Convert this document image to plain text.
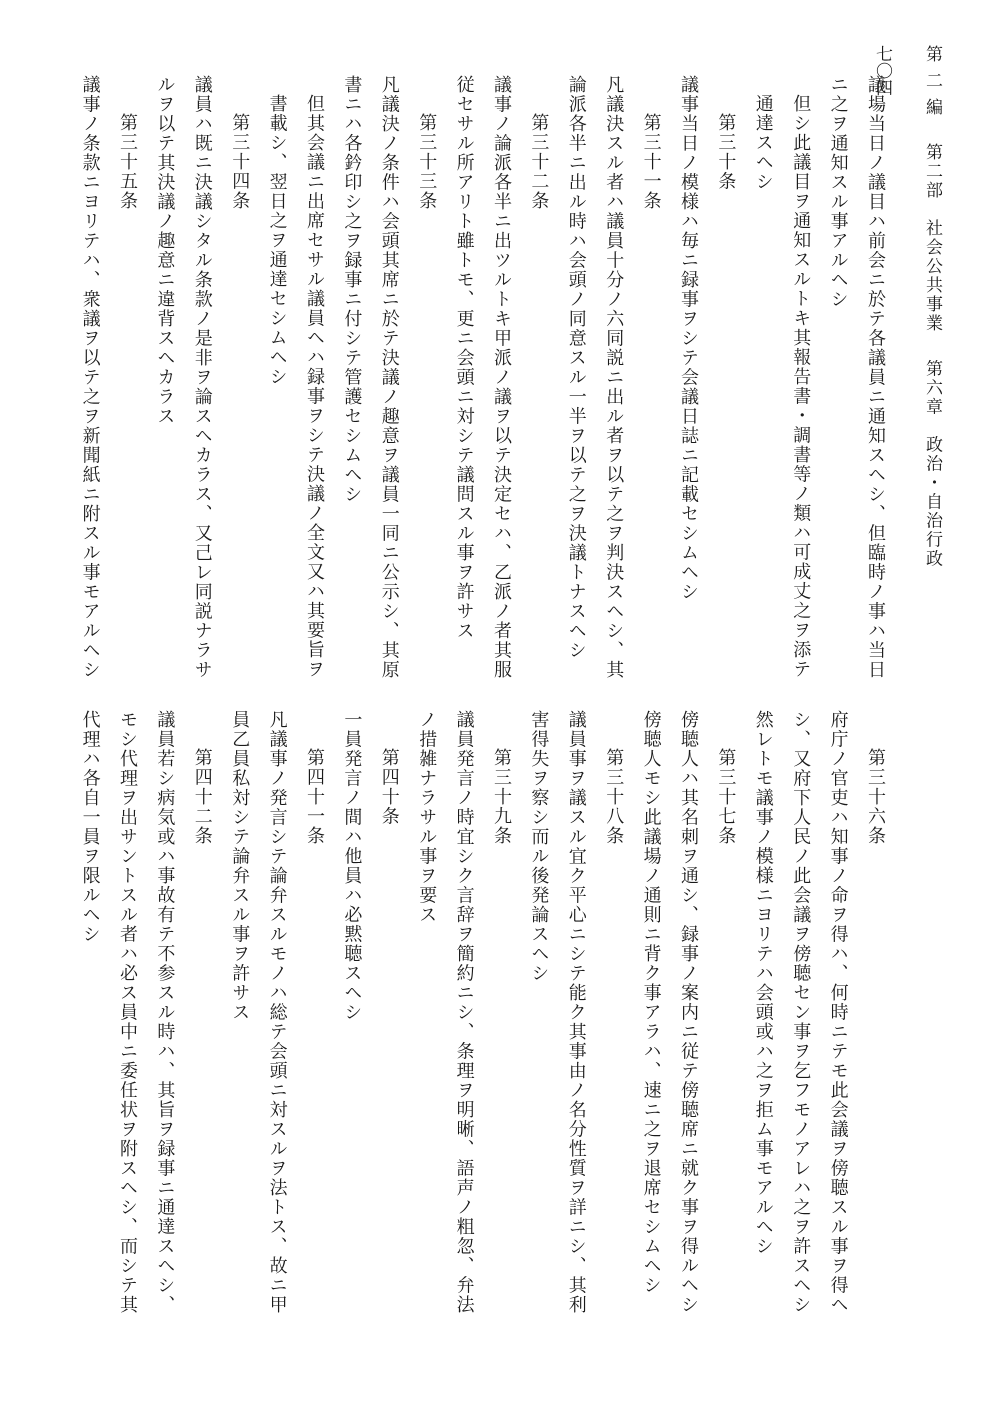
第 二 編　 第二部　社会公共事業　 第六章　政治・自治行政
七〇四
議場当日ノ議目ハ前会ニ於テ各議員ニ通知スヘシ、但臨時ノ事ハ当日
ニ之ヲ通知スル事アルヘシ
但シ此議目ヲ通知スルトキ其報告書・調書等ノ類ハ可成丈之ヲ添テ
通達スヘシ
第三十条
議事当日ノ模様ハ毎ニ録事ヲシテ会議日誌ニ記載セシムヘシ
第三十一条
凡議決スル者ハ議員十分ノ六同説ニ出ル者ヲ以テ之ヲ判決スヘシ、其
論派各半ニ出ル時ハ会頭ノ同意スル一半ヲ以テ之ヲ決議トナスヘシ
第三十二条
議事ノ論派各半ニ出ツルトキ甲派ノ議ヲ以テ決定セハ、乙派ノ者其服
従セサル所アリト雖トモ、更ニ会頭ニ対シテ議問スル事ヲ許サス
第三十三条
凡議決ノ条件ハ会頭其席ニ於テ決議ノ趣意ヲ議員一同ニ公示シ、其原
書ニハ各鈐印シ之ヲ録事ニ付シテ管護セシムヘシ
但其会議ニ出席セサル議員ヘハ録事ヲシテ決議ノ全文又ハ其要旨ヲ
書載シ、翌日之ヲ通達セシムヘシ
第三十四条
議員ハ既ニ決議シタル条款ノ是非ヲ論スヘカラス、又己レ同説ナラサ
ルヲ以テ其決議ノ趣意ニ違背スヘカラス
第三十五条
議事ノ条款ニヨリテハ、衆議ヲ以テ之ヲ新聞紙ニ附スル事モアルヘシ
第三十六条
府庁ノ官吏ハ知事ノ命ヲ得ハ、何時ニテモ此会議ヲ傍聴スル事ヲ得ヘ
シ、又府下人民ノ此会議ヲ傍聴セン事ヲ乞フモノアレハ之ヲ許スヘシ
然レトモ議事ノ模様ニヨリテハ会頭或ハ之ヲ拒ム事モアルヘシ
第三十七条
傍聴人ハ其名刺ヲ通シ、録事ノ案内ニ従テ傍聴席ニ就ク事ヲ得ルヘシ
傍聴人モシ此議場ノ通則ニ背ク事アラハ、速ニ之ヲ退席セシムヘシ
第三十八条
議員事ヲ議スル宜ク平心ニシテ能ク其事由ノ名分性質ヲ詳ニシ、其利
害得失ヲ察シ而ル後発論スヘシ
第三十九条
議員発言ノ時宜シク言辞ヲ簡約ニシ、条理ヲ明晰、語声ノ粗忽、弁法
ノ措雑ナラサル事ヲ要ス
第四十条
一員発言ノ間ハ他員ハ必黙聴スヘシ
第四十一条
凡議事ノ発言シテ論弁スルモノハ総テ会頭ニ対スルヲ法トス、故ニ甲
員乙員私対シテ論弁スル事ヲ許サス
第四十二条
議員若シ病気或ハ事故有テ不参スル時ハ、其旨ヲ録事ニ通達スヘシ、
モシ代理ヲ出サントスル者ハ必ス員中ニ委任状ヲ附スヘシ、而シテ其
代理ハ各自一員ヲ限ルヘシ
